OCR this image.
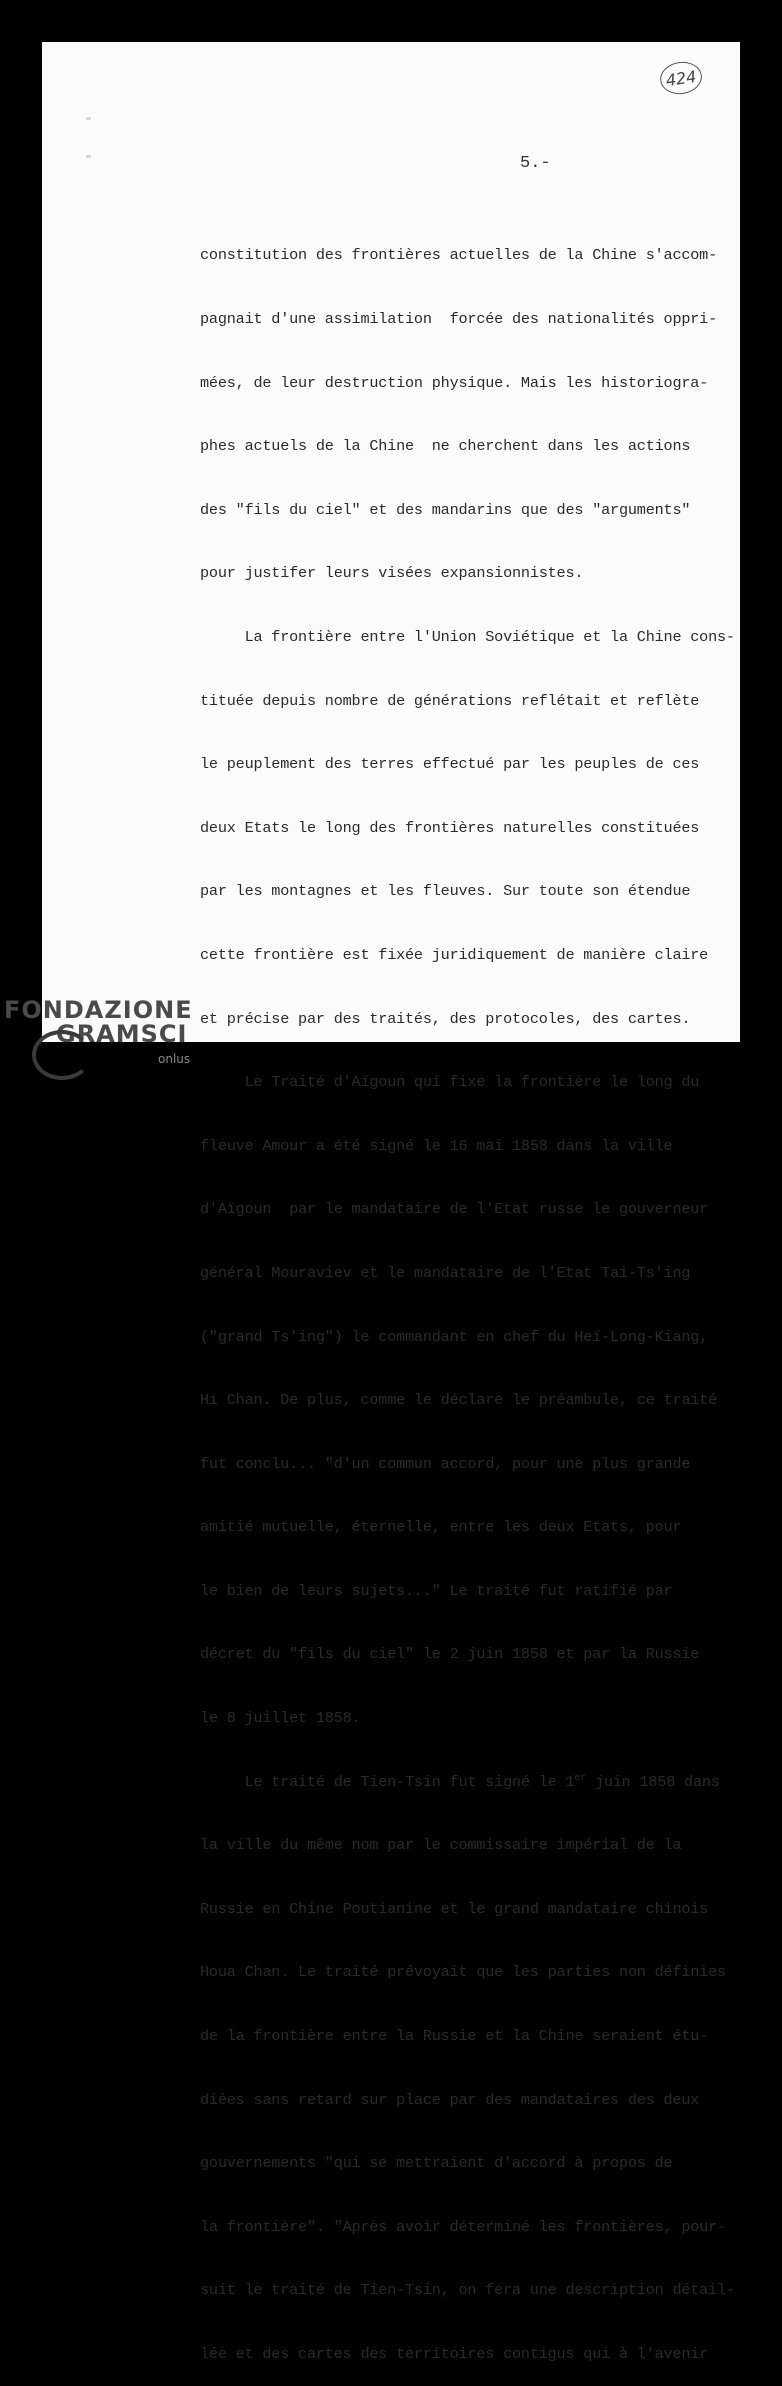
424
5.-

constitution des frontières actuelles de la Chine s'accom-

pagnait d'une assimilation  forcée des nationalités oppri-

mées, de leur destruction physique. Mais les historiogra-

phes actuels de la Chine  ne cherchent dans les actions

des "fils du ciel" et des mandarins que des "arguments"

pour justifer leurs visées expansionnistes.

La frontière entre l'Union Soviétique et la Chine cons-

tituée depuis nombre de générations reflétait et reflète

le peuplement des terres effectué par les peuples de ces

deux Etats le long des frontières naturelles constituées

par les montagnes et les fleuves. Sur toute son étendue

cette frontière est fixée juridiquement de manière claire

et précise par des traités, des protocoles, des cartes.

Le Traité d'Aïgoun qui fixe la frontière le long du

fleuve Amour a été signé le 16 mai 1858 dans la ville

d'Aïgoun  par le mandataire de l'Etat russe le gouverneur

général Mouraviev et le mandataire de l'Etat Tai-Ts'ing

("grand Ts'ing") le commandant en chef du Heï-Long-Kiang,

Hi Chan. De plus, comme le déclare le préambule, ce traité

fut conclu... "d'un commun accord, pour une plus grande

amitié mutuelle, éternelle, entre les deux Etats, pour

le bien de leurs sujets..." Le traité fut ratifié par

décret du "fils du ciel" le 2 juin 1858 et par la Russie

le 8 juillet 1858.

Le traité de Tien-Tsin fut signé le 1er juin 1858 dans

la ville du même nom par le commissaire impérial de la

Russie en Chine Poutianine et le grand mandataire chinois

Houa Chan. Le traité prévoyait que les parties non définies

de la frontière entre la Russie et la Chine seraient étu-

diées sans retard sur place par des mandataires des deux

gouvernements "qui se mettraient d'accord à propos de

la frontière". "Après avoir déterminé les frontières, pour-

suit le traité de Tien-Tsin, on fera une description détail-

lée et des cartes des territoires contigus qui à l'avenir

FONDAZIONE
GRAMSCI
onlus
